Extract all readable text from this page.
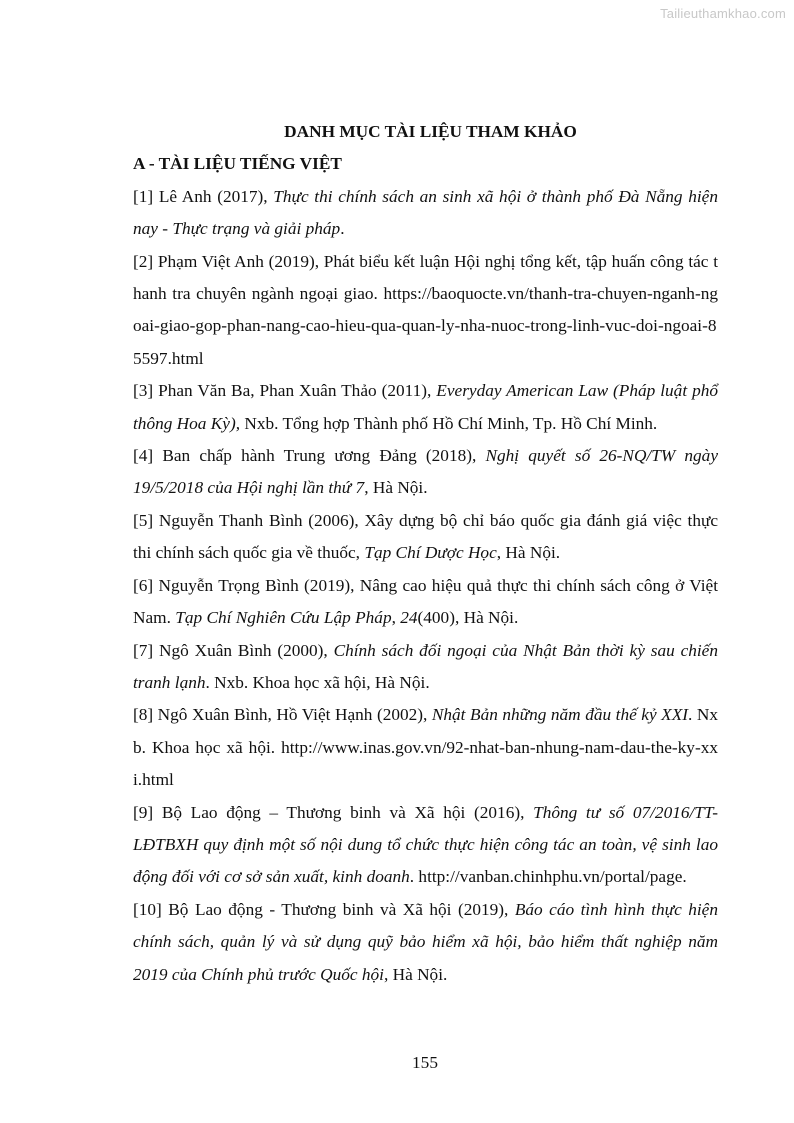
Tailieuthamkhao.com

DANH MỤC TÀI LIỆU THAM KHẢO

A - TÀI LIỆU TIẾNG VIỆT

[1] Lê Anh (2017), Thực thi chính sách an sinh xã hội ở thành phố Đà Nẵng hiện nay - Thực trạng và giải pháp.

[2] Phạm Việt Anh (2019), Phát biểu kết luận Hội nghị tổng kết, tập huấn công tác thanh tra chuyên ngành ngoại giao. https://baoquocte.vn/thanh-tra-chuyen-nganh-ngoai-giao-gop-phan-nang-cao-hieu-qua-quan-ly-nha-nuoc-trong-linh-vuc-doi-ngoai-85597.html

[3] Phan Văn Ba, Phan Xuân Thảo (2011), Everyday American Law (Pháp luật phổ thông Hoa Kỳ), Nxb. Tổng hợp Thành phố Hồ Chí Minh, Tp. Hồ Chí Minh.

[4] Ban chấp hành Trung ương Đảng (2018), Nghị quyết số 26-NQ/TW ngày 19/5/2018 của Hội nghị lần thứ 7, Hà Nội.

[5] Nguyễn Thanh Bình (2006), Xây dựng bộ chỉ báo quốc gia đánh giá việc thực thi chính sách quốc gia về thuốc, Tạp Chí Dược Học, Hà Nội.

[6] Nguyễn Trọng Bình (2019), Nâng cao hiệu quả thực thi chính sách công ở Việt Nam. Tạp Chí Nghiên Cứu Lập Pháp, 24(400), Hà Nội.

[7] Ngô Xuân Bình (2000), Chính sách đối ngoại của Nhật Bản thời kỳ sau chiến tranh lạnh. Nxb. Khoa học xã hội, Hà Nội.

[8] Ngô Xuân Bình, Hồ Việt Hạnh (2002), Nhật Bản những năm đầu thế kỷ XXI. Nxb. Khoa học xã hội. http://www.inas.gov.vn/92-nhat-ban-nhung-nam-dau-the-ky-xxi.html

[9] Bộ Lao động – Thương binh và Xã hội (2016), Thông tư số 07/2016/TT-LĐTBXH quy định một số nội dung tổ chức thực hiện công tác an toàn, vệ sinh lao động đối với cơ sở sản xuất, kinh doanh. http://vanban.chinhphu.vn/portal/page.

[10] Bộ Lao động - Thương binh và Xã hội (2019), Báo cáo tình hình thực hiện chính sách, quản lý và sử dụng quỹ bảo hiểm xã hội, bảo hiểm thất nghiệp năm 2019 của Chính phủ trước Quốc hội, Hà Nội.

155
